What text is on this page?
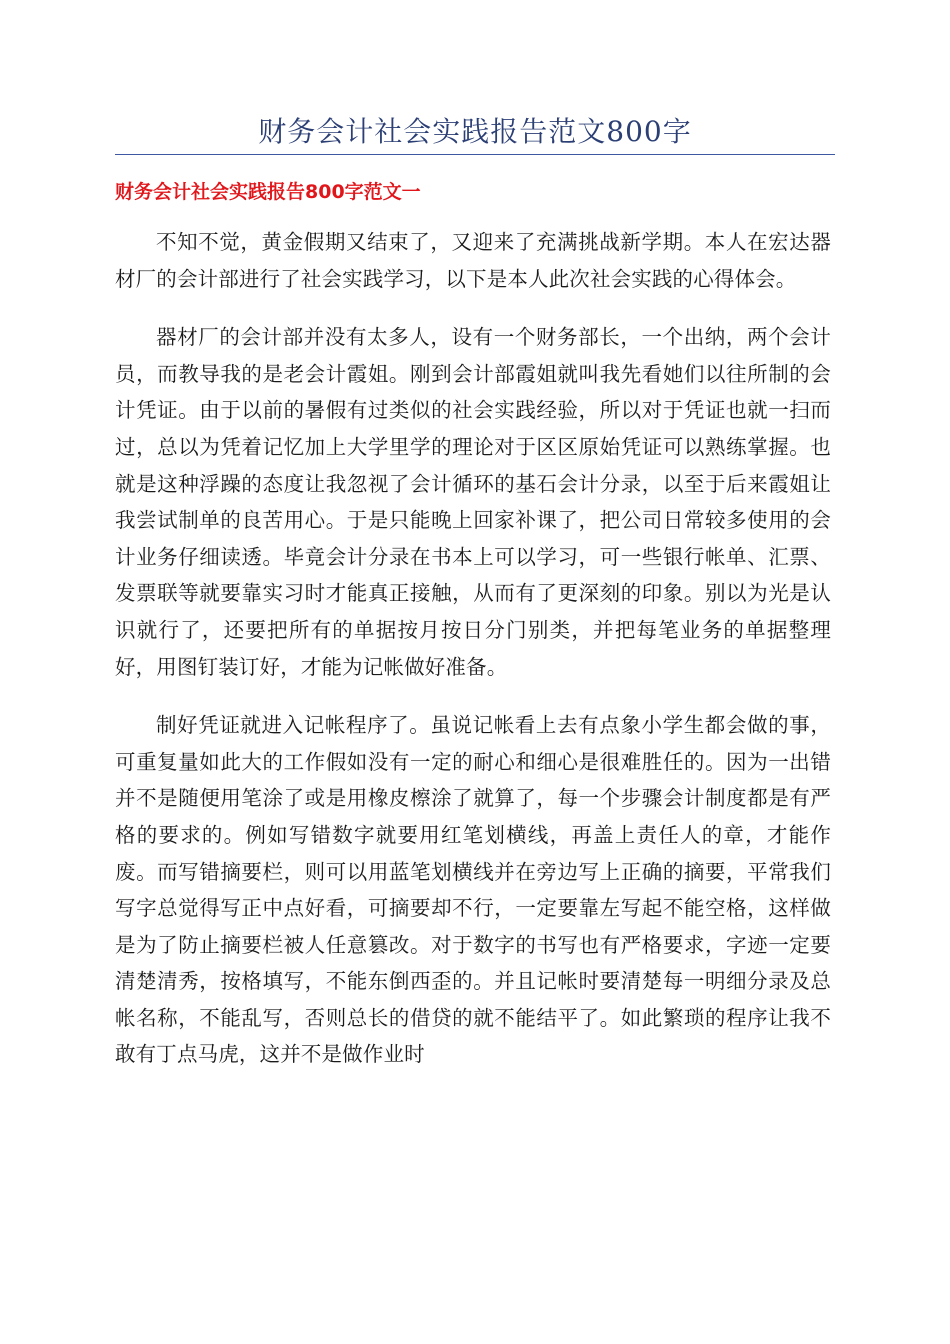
财务会计社会实践报告范文800字
财务会计社会实践报告800字范文一

不知不觉，黄金假期又结束了，又迎来了充满挑战新学期。本人在宏达器材厂的会计部进行了社会实践学习，以下是本人此次社会实践的心得体会。

器材厂的会计部并没有太多人，设有一个财务部长，一个出纳，两个会计员，而教导我的是老会计霞姐。刚到会计部霞姐就叫我先看她们以往所制的会计凭证。由于以前的暑假有过类似的社会实践经验，所以对于凭证也就一扫而过，总以为凭着记忆加上大学里学的理论对于区区原始凭证可以熟练掌握。也就是这种浮躁的态度让我忽视了会计循环的基石会计分录，以至于后来霞姐让我尝试制单的良苦用心。于是只能晚上回家补课了，把公司日常较多使用的会计业务仔细读透。毕竟会计分录在书本上可以学习，可一些银行帐单、汇票、发票联等就要靠实习时才能真正接触，从而有了更深刻的印象。别以为光是认识就行了，还要把所有的单据按月按日分门别类，并把每笔业务的单据整理好，用图钉装订好，才能为记帐做好准备。

制好凭证就进入记帐程序了。虽说记帐看上去有点象小学生都会做的事，可重复量如此大的工作假如没有一定的耐心和细心是很难胜任的。因为一出错并不是随便用笔涂了或是用橡皮檫涂了就算了，每一个步骤会计制度都是有严格的要求的。例如写错数字就要用红笔划横线，再盖上责任人的章，才能作废。而写错摘要栏，则可以用蓝笔划横线并在旁边写上正确的摘要，平常我们写字总觉得写正中点好看，可摘要却不行，一定要靠左写起不能空格，这样做是为了防止摘要栏被人任意篡改。对于数字的书写也有严格要求，字迹一定要清楚清秀，按格填写，不能东倒西歪的。并且记帐时要清楚每一明细分录及总帐名称，不能乱写，否则总长的借贷的就不能结平了。如此繁琐的程序让我不敢有丁点马虎，这并不是做作业时
